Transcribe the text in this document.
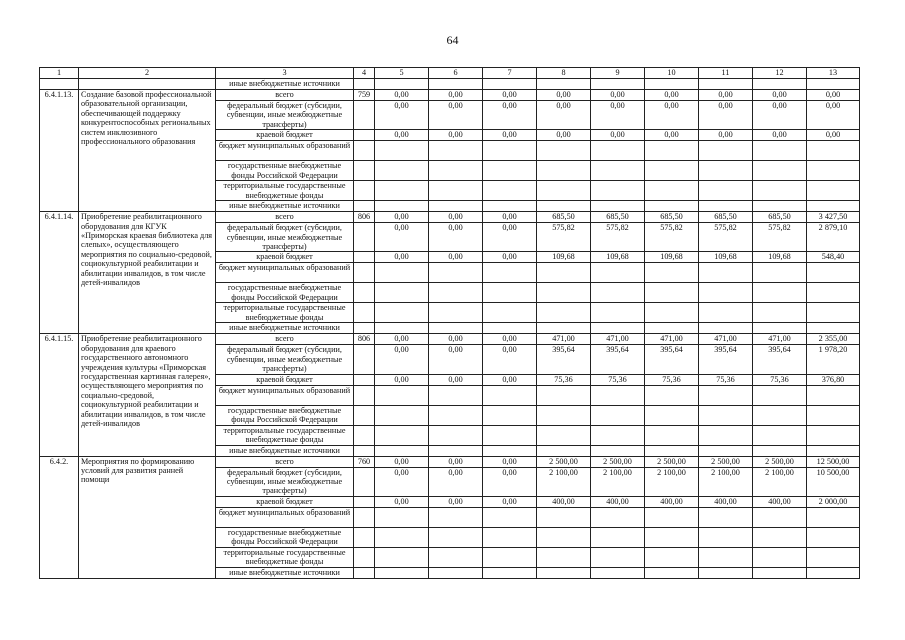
64
1	2	3	4	5	6	7	8	9	10	11	12	13
		иные внебюджетные источники										
6.4.1.13.	Создание базовой профессиональной образовательной организации, обеспечивающей поддержку конкурентоспособных региональных систем инклюзивного профессионального образования	всего	759	0,00	0,00	0,00	0,00	0,00	0,00	0,00	0,00	0,00
		федеральный бюджет (субсидии, субвенции, иные межбюджетные трансферты)		0,00	0,00	0,00	0,00	0,00	0,00	0,00	0,00	0,00
		краевой бюджет		0,00	0,00	0,00	0,00	0,00	0,00	0,00	0,00	0,00
		бюджет муниципальных образований										
		государственные внебюджетные фонды Российской Федерации										
		территориальные государственные внебюджетные фонды										
		иные внебюджетные источники										
6.4.1.14.	Приобретение реабилитационного оборудования для КГУК «Приморская краевая библиотека для слепых», осуществляющего мероприятия по социально-средовой, социокультурной реабилитации и абилитации инвалидов, в том числе детей-инвалидов	всего	806	0,00	0,00	0,00	685,50	685,50	685,50	685,50	685,50	3 427,50
		федеральный бюджет (субсидии, субвенции, иные межбюджетные трансферты)		0,00	0,00	0,00	575,82	575,82	575,82	575,82	575,82	2 879,10
		краевой бюджет		0,00	0,00	0,00	109,68	109,68	109,68	109,68	109,68	548,40
		бюджет муниципальных образований										
		государственные внебюджетные фонды Российской Федерации										
		территориальные государственные внебюджетные фонды										
		иные внебюджетные источники										
6.4.1.15.	Приобретение реабилитационного оборудования для краевого государственного автономного учреждения культуры «Приморская государственная картинная галерея», осуществляющего мероприятия по социально-средовой, социокультурной реабилитации и абилитации инвалидов, в том числе детей-инвалидов	всего	806	0,00	0,00	0,00	471,00	471,00	471,00	471,00	471,00	2 355,00
		федеральный бюджет (субсидии, субвенции, иные межбюджетные трансферты)		0,00	0,00	0,00	395,64	395,64	395,64	395,64	395,64	1 978,20
		краевой бюджет		0,00	0,00	0,00	75,36	75,36	75,36	75,36	75,36	376,80
		бюджет муниципальных образований										
		государственные внебюджетные фонды Российской Федерации										
		территориальные государственные внебюджетные фонды										
		иные внебюджетные источники										
6.4.2.	Мероприятия по формированию условий для развития ранней помощи	всего	760	0,00	0,00	0,00	2 500,00	2 500,00	2 500,00	2 500,00	2 500,00	12 500,00
		федеральный бюджет (субсидии, субвенции, иные межбюджетные трансферты)		0,00	0,00	0,00	2 100,00	2 100,00	2 100,00	2 100,00	2 100,00	10 500,00
		краевой бюджет		0,00	0,00	0,00	400,00	400,00	400,00	400,00	400,00	2 000,00
		бюджет муниципальных образований										
		государственные внебюджетные фонды Российской Федерации										
		территориальные государственные внебюджетные фонды										
		иные внебюджетные источники										
